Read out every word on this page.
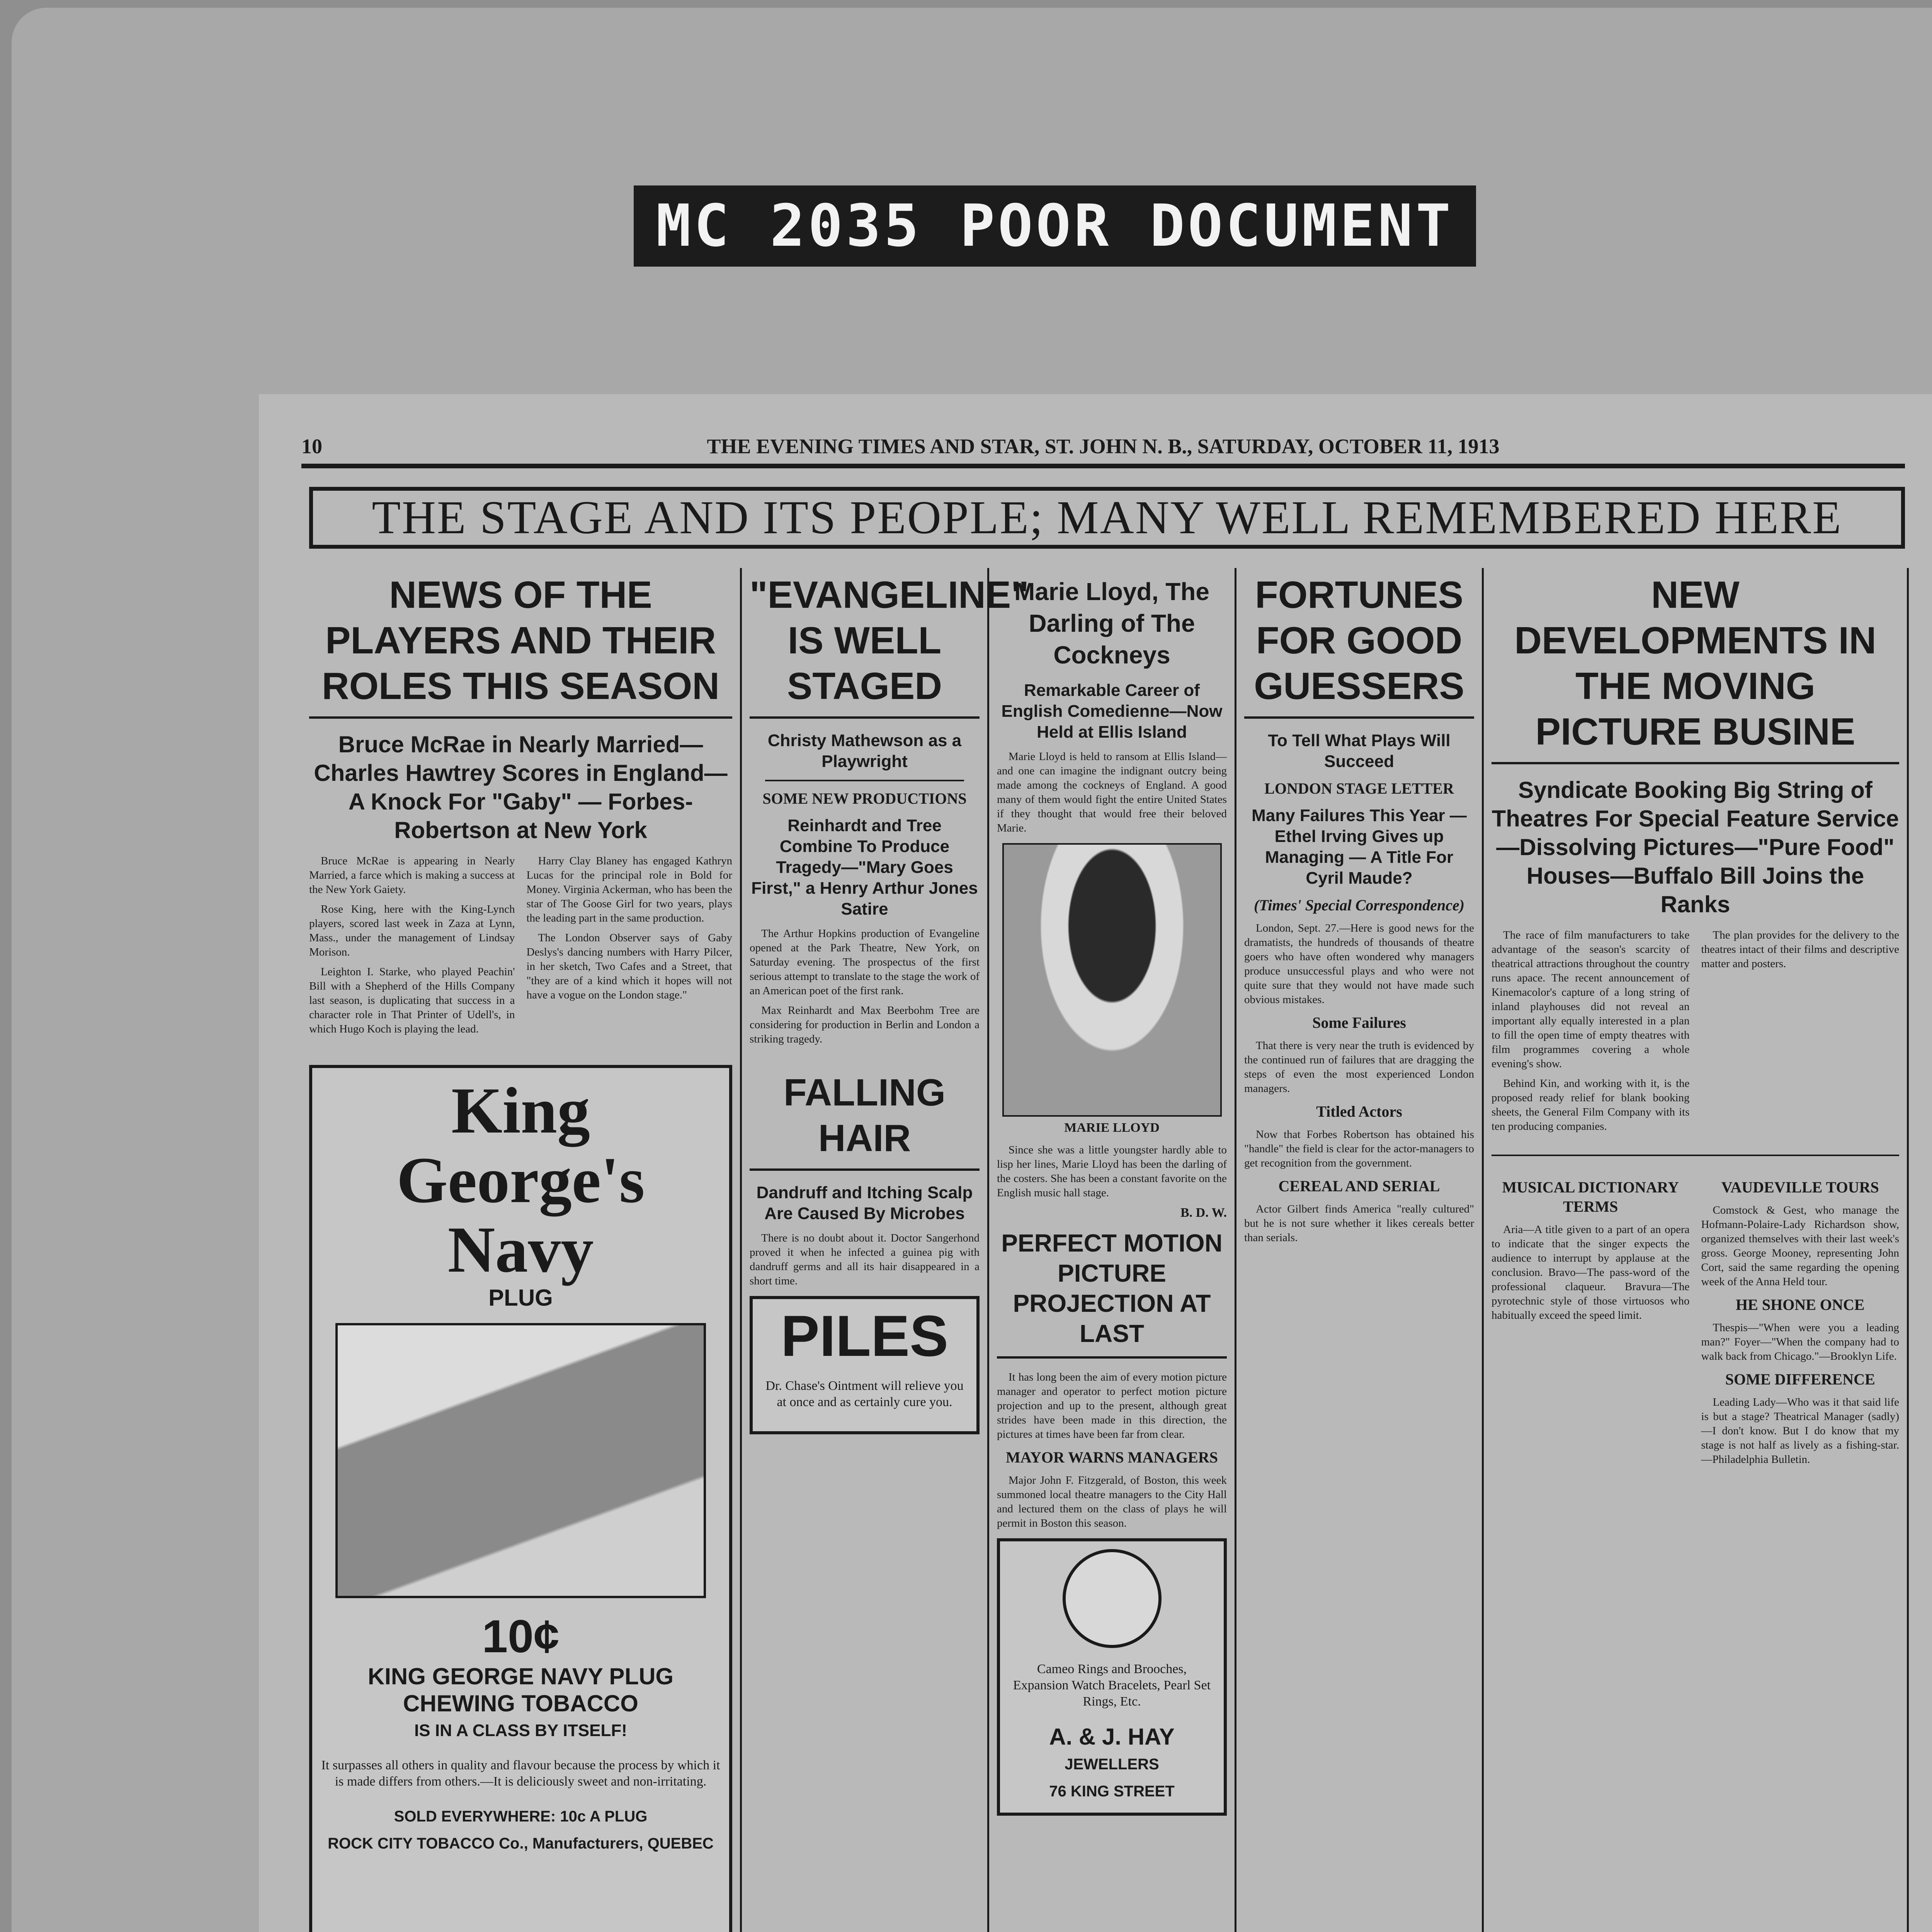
MC 2035 POOR DOCUMENT
10	THE EVENING TIMES AND STAR, ST. JOHN N. B., SATURDAY, OCTOBER 11, 1913
THE STAGE AND ITS PEOPLE; MANY WELL REMEMBERED HERE
NEWS OF THE PLAYERS AND THEIR ROLES THIS SEASON
Bruce McRae in Nearly Married—Charles Hawtrey Scores in England—A Knock For "Gaby" — Forbes-Robertson at New York

Bruce McRae is appearing in Nearly Married, a farce which is making a success at the New York Gaiety.

Rose King, here with the King-Lynch players, scored last week in Zaza at Lynn, Mass., under the management of Lindsay Morison.

Leighton I. Starke, who played Peachin' Bill with a Shepherd of the Hills Company last season, is duplicating that success in a character role in That Printer of Udell's, in which Hugo Koch is playing the lead.

Harry Clay Blaney has engaged Kathryn Lucas for the principal role in Bold for Money. Virginia Ackerman, who has been the star of The Goose Girl for two years, plays the leading part in the same production.

The London Observer says of Gaby Deslys's dancing numbers with Harry Pilcer, in her sketch, Two Cafes and a Street, that "they are of a kind which it hopes will not have a vogue on the London stage."

King George's Navy
PLUG
10¢
KING GEORGE NAVY PLUG CHEWING TOBACCO
IS IN A CLASS BY ITSELF!

It surpasses all others in quality and flavour because the process by which it is made differs from others.—It is deliciously sweet and non-irritating.

SOLD EVERYWHERE: 10c A PLUG
ROCK CITY TOBACCO Co., Manufacturers, QUEBEC
"EVANGELINE" IS WELL STAGED
Christy Mathewson as a Playwright
SOME NEW PRODUCTIONS
Reinhardt and Tree Combine To Produce Tragedy—"Mary Goes First," a Henry Arthur Jones Satire

The Arthur Hopkins production of Evangeline opened at the Park Theatre, New York, on Saturday evening. The prospectus of the first serious attempt to translate to the stage the work of an American poet of the first rank.

Max Reinhardt and Max Beerbohm Tree are considering for production in Berlin and London a striking tragedy.

FALLING HAIR
Dandruff and Itching Scalp Are Caused By Microbes

There is no doubt about it. Doctor Sangerhond proved it when he infected a guinea pig with dandruff germs and all its hair disappeared in a short time.

PILES

Dr. Chase's Ointment will relieve you at once and as certainly cure you.

Marie Lloyd, The Darling of The Cockneys
Remarkable Career of English Comedienne—Now Held at Ellis Island

Marie Lloyd is held to ransom at Ellis Island—and one can imagine the indignant outcry being made among the cockneys of England. A good many of them would fight the entire United States if they thought that would free their beloved Marie.

MARIE LLOYD

Since she was a little youngster hardly able to lisp her lines, Marie Lloyd has been the darling of the costers. She has been a constant favorite on the English music hall stage.

B. D. W.
PERFECT MOTION PICTURE PROJECTION AT LAST

It has long been the aim of every motion picture manager and operator to perfect motion picture projection and up to the present, although great strides have been made in this direction, the pictures at times have been far from clear.

MAYOR WARNS MANAGERS

Major John F. Fitzgerald, of Boston, this week summoned local theatre managers to the City Hall and lectured them on the class of plays he will permit in Boston this season.

Cameo Rings and Brooches, Expansion Watch Bracelets, Pearl Set Rings, Etc.

A. & J. HAY
JEWELLERS
76 KING STREET
FORTUNES FOR GOOD GUESSERS
To Tell What Plays Will Succeed
LONDON STAGE LETTER
Many Failures This Year — Ethel Irving Gives up Managing — A Title For Cyril Maude?
(Times' Special Correspondence)

London, Sept. 27.—Here is good news for the dramatists, the hundreds of thousands of theatre goers who have often wondered why managers produce unsuccessful plays and who were not quite sure that they would not have made such obvious mistakes.

Some Failures

That there is very near the truth is evidenced by the continued run of failures that are dragging the steps of even the most experienced London managers.

Titled Actors

Now that Forbes Robertson has obtained his "handle" the field is clear for the actor-managers to get recognition from the government.

CEREAL AND SERIAL

Actor Gilbert finds America "really cultured" but he is not sure whether it likes cereals better than serials.

NEW DEVELOPMENTS IN THE MOVING PICTURE BUSINE
Syndicate Booking Big String of Theatres For Special Feature Service—Dissolving Pictures—"Pure Food" Houses—Buffalo Bill Joins the Ranks

The race of film manufacturers to take advantage of the season's scarcity of theatrical attractions throughout the country runs apace. The recent announcement of Kinemacolor's capture of a long string of inland playhouses did not reveal an important ally equally interested in a plan to fill the open time of empty theatres with film programmes covering a whole evening's show.

Behind Kin, and working with it, is the proposed ready relief for blank booking sheets, the General Film Company with its ten producing companies.

The plan provides for the delivery to the theatres intact of their films and descriptive matter and posters.

MUSICAL DICTIONARY TERMS

Aria—A title given to a part of an opera to indicate that the singer expects the audience to interrupt by applause at the conclusion. Bravo—The pass-word of the professional claqueur. Bravura—The pyrotechnic style of those virtuosos who habitually exceed the speed limit.

VAUDEVILLE TOURS

Comstock & Gest, who manage the Hofmann-Polaire-Lady Richardson show, organized themselves with their last week's gross. George Mooney, representing John Cort, said the same regarding the opening week of the Anna Held tour.

HE SHONE ONCE

Thespis—"When were you a leading man?" Foyer—"When the company had to walk back from Chicago."—Brooklyn Life.

SOME DIFFERENCE

Leading Lady—Who was it that said life is but a stage? Theatrical Manager (sadly)—I don't know. But I do know that my stage is not half as lively as a fishing-star.—Philadelphia Bulletin.
